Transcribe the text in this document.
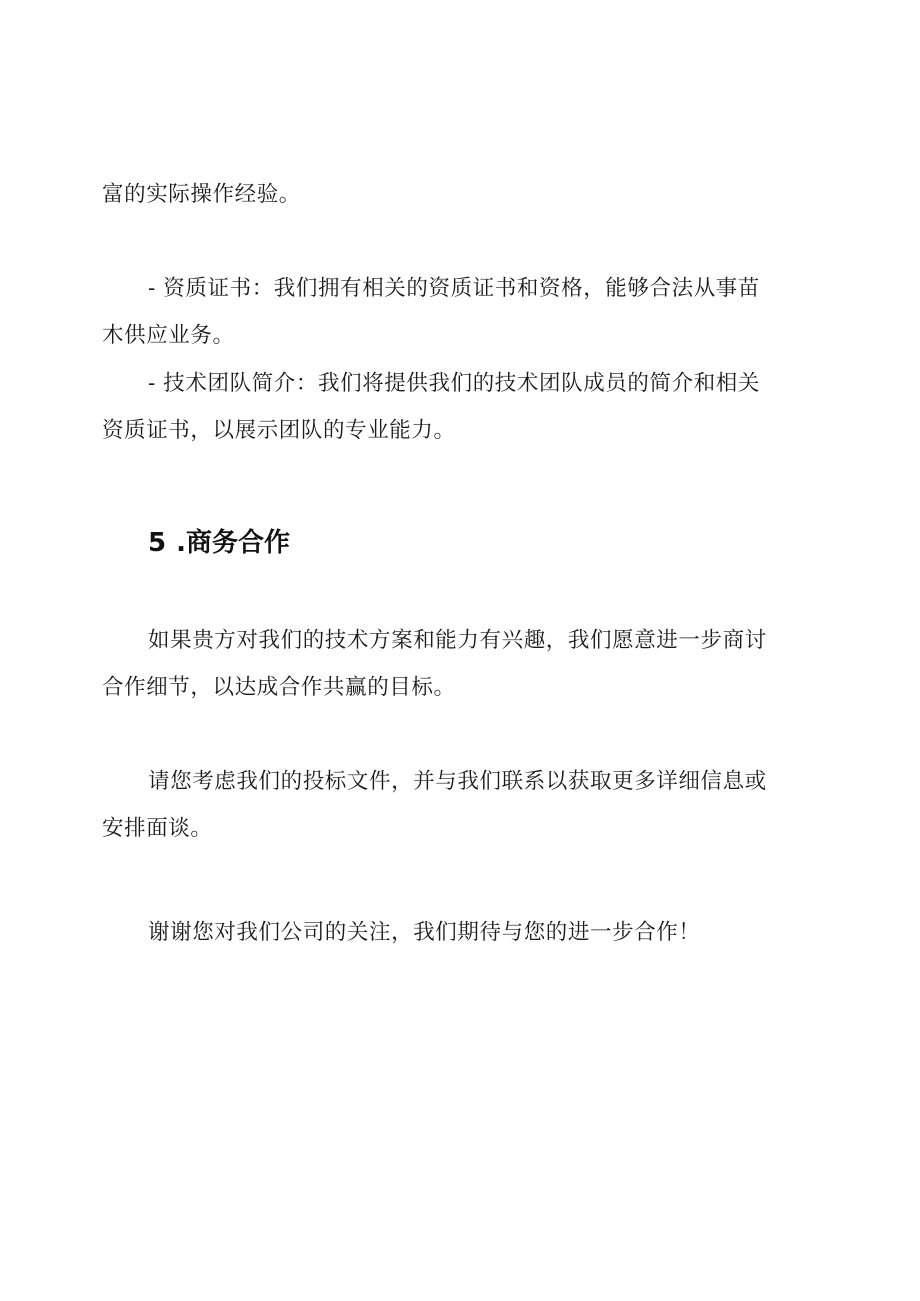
富的实际操作经验。
- 资质证书：我们拥有相关的资质证书和资格，能够合法从事苗
木供应业务。
- 技术团队简介：我们将提供我们的技术团队成员的简介和相关
资质证书，以展示团队的专业能力。
5 .商务合作
如果贵方对我们的技术方案和能力有兴趣，我们愿意进一步商讨
合作细节，以达成合作共赢的目标。
请您考虑我们的投标文件，并与我们联系以获取更多详细信息或
安排面谈。
谢谢您对我们公司的关注，我们期待与您的进一步合作！
